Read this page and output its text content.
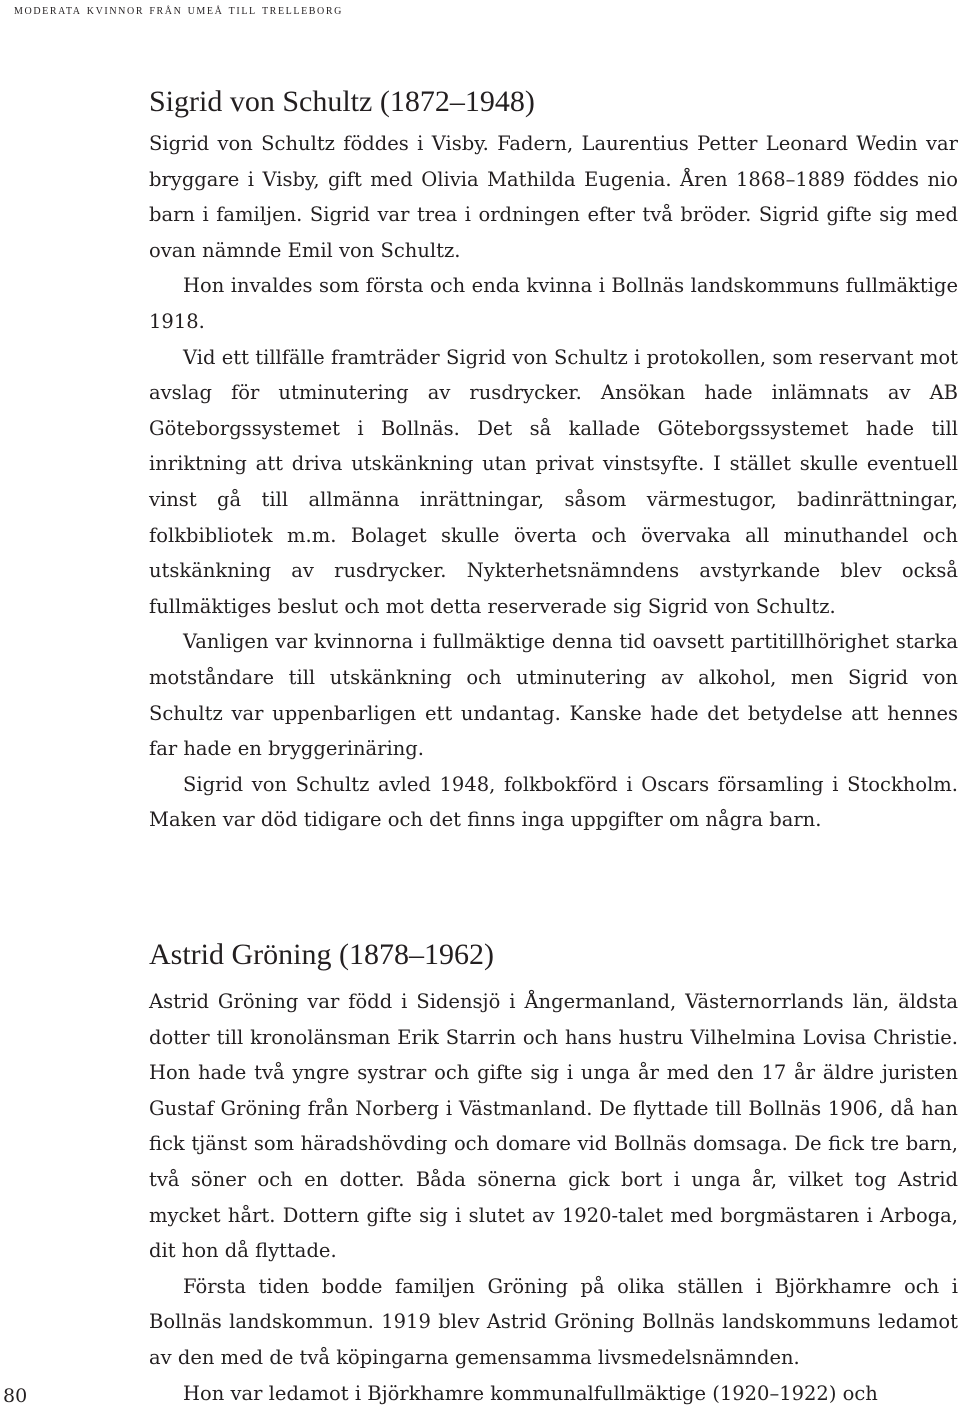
moderata kvinnor från umeå till trelleborg
Sigrid von Schultz (1872–1948)

Sigrid von Schultz föddes i Visby. Fadern, Laurentius Petter Leonard Wedin var bryggare i Visby, gift med Olivia Mathilda Eugenia. Åren 1868–1889 föddes nio barn i familjen. Sigrid var trea i ordningen efter två bröder. Sigrid gifte sig med ovan nämnde Emil von Schultz.

Hon invaldes som första och enda kvinna i Bollnäs landskommuns fullmäktige 1918.

Vid ett tillfälle framträder Sigrid von Schultz i protokollen, som reservant mot avslag för utminutering av rusdrycker. Ansökan hade inlämnats av AB Göteborgssystemet i Bollnäs. Det så kallade Göteborgssystemet hade till inriktning att driva utskänkning utan privat vinstsyfte. I stället skulle eventuell vinst gå till allmänna inrättningar, såsom värmestugor, badinrättningar, folkbibliotek m.m. Bolaget skulle överta och övervaka all minuthandel och utskänkning av rusdrycker. Nykterhetsnämndens avstyrkande blev också fullmäktiges beslut och mot detta reserverade sig Sigrid von Schultz.

Vanligen var kvinnorna i fullmäktige denna tid oavsett partitillhörighet starka motståndare till utskänkning och utminutering av alkohol, men Sigrid von Schultz var uppenbarligen ett undantag. Kanske hade det betydelse att hennes far hade en bryggerinäring.

Sigrid von Schultz avled 1948, folkbokförd i Oscars församling i Stockholm. Maken var död tidigare och det finns inga uppgifter om några barn.

Astrid Gröning (1878–1962)

Astrid Gröning var född i Sidensjö i Ångermanland, Västernorrlands län, äldsta dotter till kronolänsman Erik Starrin och hans hustru Vilhelmina Lovisa Christie. Hon hade två yngre systrar och gifte sig i unga år med den 17 år äldre juristen Gustaf Gröning från Norberg i Västmanland. De flyttade till Bollnäs 1906, då han fick tjänst som häradshövding och domare vid Bollnäs domsaga. De fick tre barn, två söner och en dotter. Båda sönerna gick bort i unga år, vilket tog Astrid mycket hårt. Dottern gifte sig i slutet av 1920-talet med borgmästaren i Arboga, dit hon då flyttade.

Första tiden bodde familjen Gröning på olika ställen i Björkhamre och i Bollnäs landskommun. 1919 blev Astrid Gröning Bollnäs landskommuns ledamot av den med de två köpingarna gemensamma livsmedelsnämnden.

Hon var ledamot i Björkhamre kommunalfullmäktige (1920–1922) och

80
